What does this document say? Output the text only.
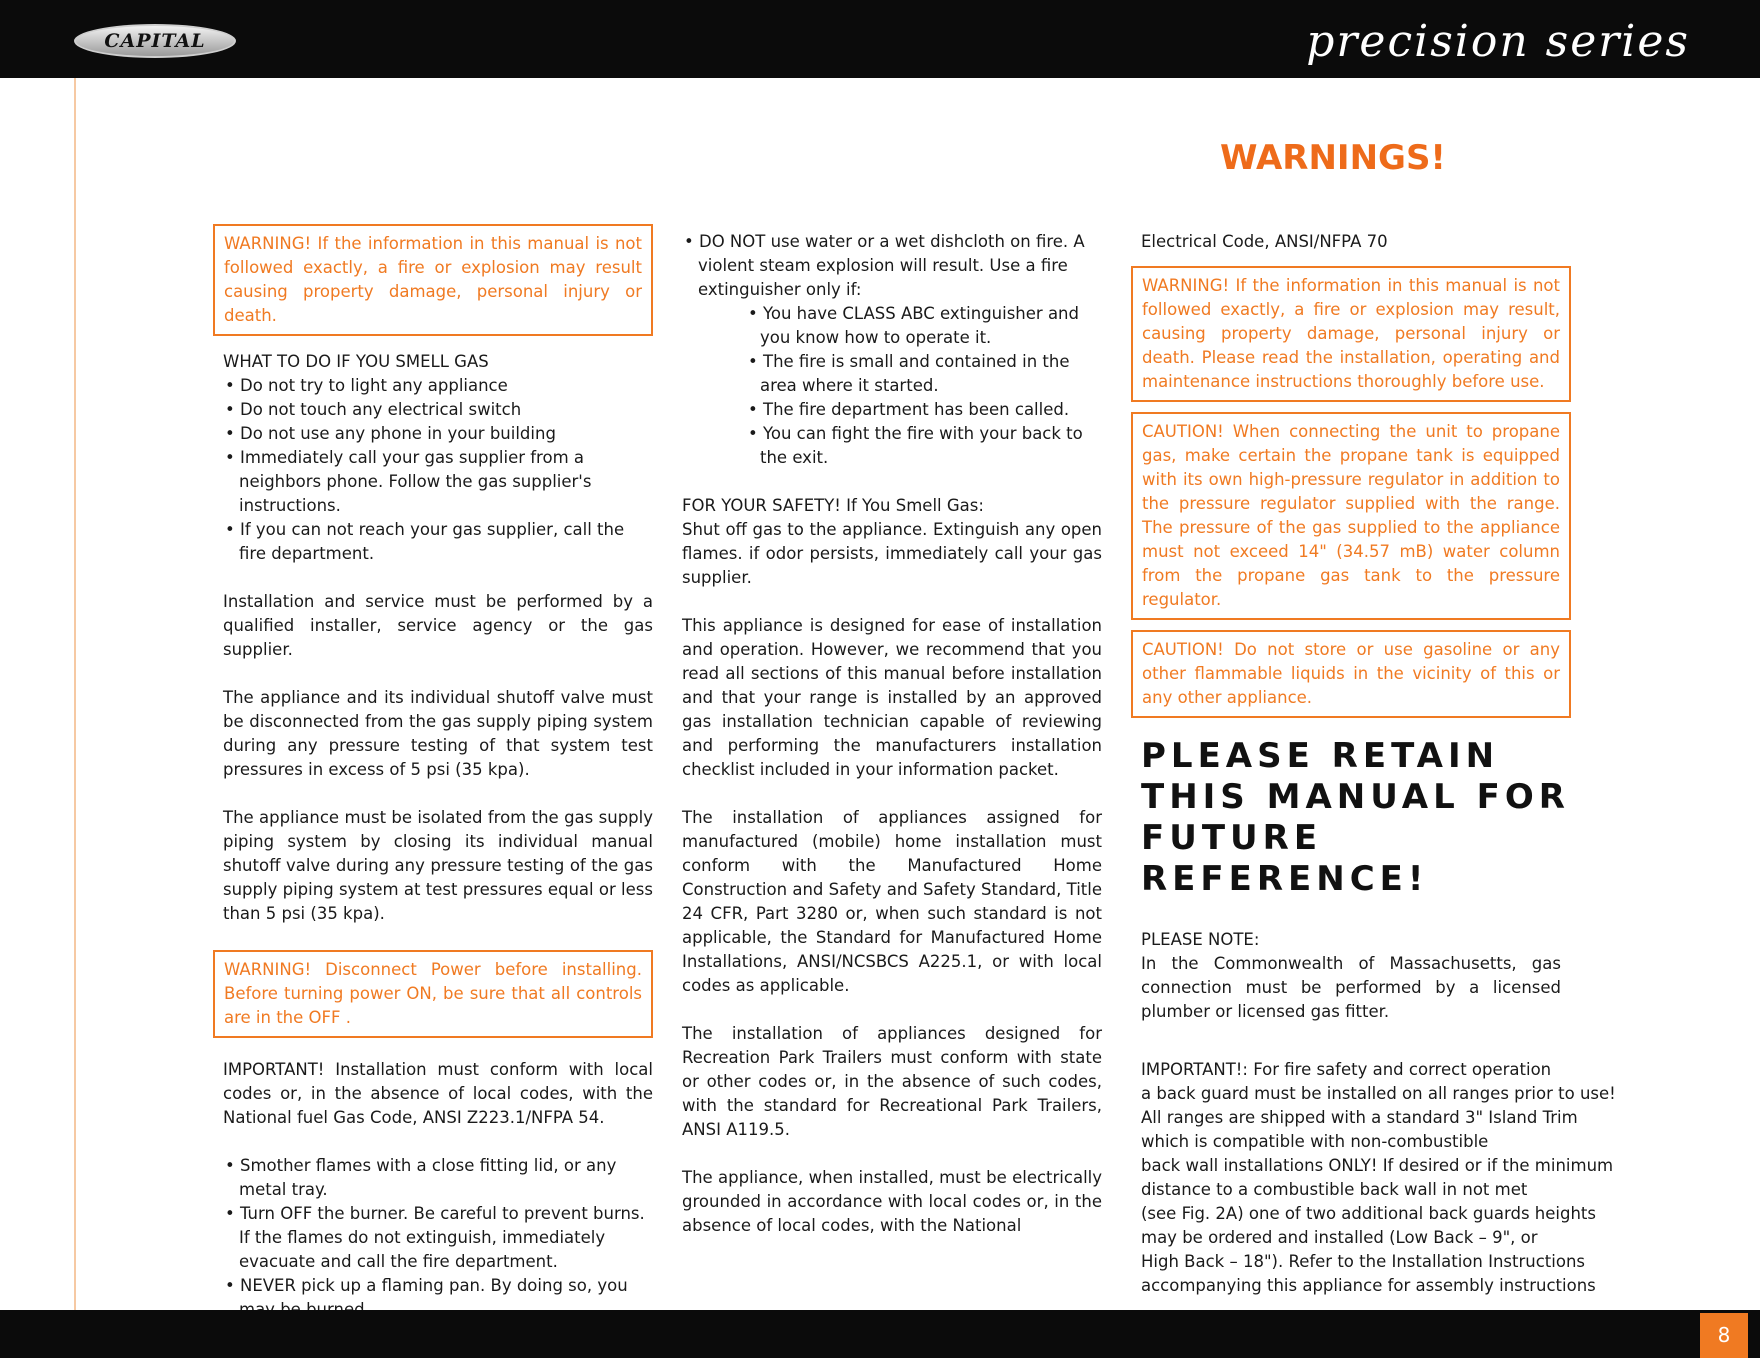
CAPITAL	precision series
WARNINGS!
WARNING! If the information in this manual is not followed exactly, a fire or explosion may result causing property damage, personal injury or death.
WHAT TO DO IF YOU SMELL GAS
• Do not try to light any appliance
• Do not touch any electrical switch
• Do not use any phone in your building
• Immediately call your gas supplier from a neighbors phone. Follow the gas supplier's instructions.
• If you can not reach your gas supplier, call the fire department.

Installation and service must be performed by a qualified installer, service agency or the gas supplier.

The appliance and its individual shutoff valve must be disconnected from the gas supply piping system during any pressure testing of that system test pressures in excess of 5 psi (35 kpa).

The appliance must be isolated from the gas supply piping system by closing its individual manual shutoff valve during any pressure testing of the gas supply piping system at test pressures equal or less than 5 psi (35 kpa).

WARNING! Disconnect Power before installing. Before turning power ON, be sure that all controls are in the OFF .

IMPORTANT! Installation must conform with local codes or, in the absence of local codes, with the National fuel Gas Code, ANSI Z223.1/NFPA 54.

• Smother flames with a close fitting lid, or any metal tray.
• Turn OFF the burner. Be careful to prevent burns. If the flames do not extinguish, immediately evacuate and call the fire department.
• NEVER pick up a flaming pan. By doing so, you
• DO NOT use water or a wet dishcloth on fire. A violent steam explosion will result. Use a fire extinguisher only if:
• You have CLASS ABC extinguisher and you know how to operate it.
• The fire is small and contained in the area where it started.
• The fire department has been called.
• You can fight the fire with your back to the exit.
FOR YOUR SAFETY! If You Smell Gas:

Shut off gas to the appliance. Extinguish any open flames. if odor persists, immediately call your gas supplier.

This appliance is designed for ease of installation and operation. However, we recommend that you read all sections of this manual before installation and that your range is installed by an approved gas installation technician capable of reviewing and performing the manufacturers installation checklist included in your information packet.

The installation of appliances assigned for manufactured (mobile) home installation must conform with the Manufactured Home Construction and Safety and Safety Standard, Title 24 CFR, Part 3280 or, when such standard is not applicable, the Standard for Manufactured Home Installations, ANSI/NCSBCS A225.1, or with local codes as applicable.

The installation of appliances designed for Recreation Park Trailers must conform with state or other codes or, in the absence of such codes, with the standard for Recreational Park Trailers, ANSI A119.5.

The appliance, when installed, must be electrically grounded in accordance with local codes or, in the absence of local codes, with the National

Electrical Code, ANSI/NFPA 70
WARNING! If the information in this manual is not followed exactly, a fire or explosion may result, causing property damage, personal injury or death. Please read the installation, operating and maintenance instructions thoroughly before use.
CAUTION! When connecting the unit to propane gas, make certain the propane tank is equipped with its own high-pressure regulator in addition to the pressure regulator supplied with the range. The pressure of the gas supplied to the appliance must not exceed 14" (34.57 mB) water column from the propane gas tank to the pressure regulator.
CAUTION! Do not store or use gasoline or any other flammable liquids in the vicinity of this or any other appliance.
PLEASE RETAIN THIS MANUAL FOR FUTURE REFERENCE!
PLEASE NOTE:

In the Commonwealth of Massachusetts, gas connection must be performed by a licensed plumber or licensed gas fitter.

IMPORTANT!: For fire safety and correct operation
a back guard must be installed on all ranges prior to use!
All ranges are shipped with a standard 3" Island Trim
which is compatible with non-combustible
back wall installations ONLY! If desired or if the minimum
distance to a combustible back wall in not met
(see Fig. 2A) one of two additional back guards heights
may be ordered and installed (Low Back – 9", or
High Back – 18"). Refer to the Installation Instructions
accompanying this appliance for assembly instructions
8
